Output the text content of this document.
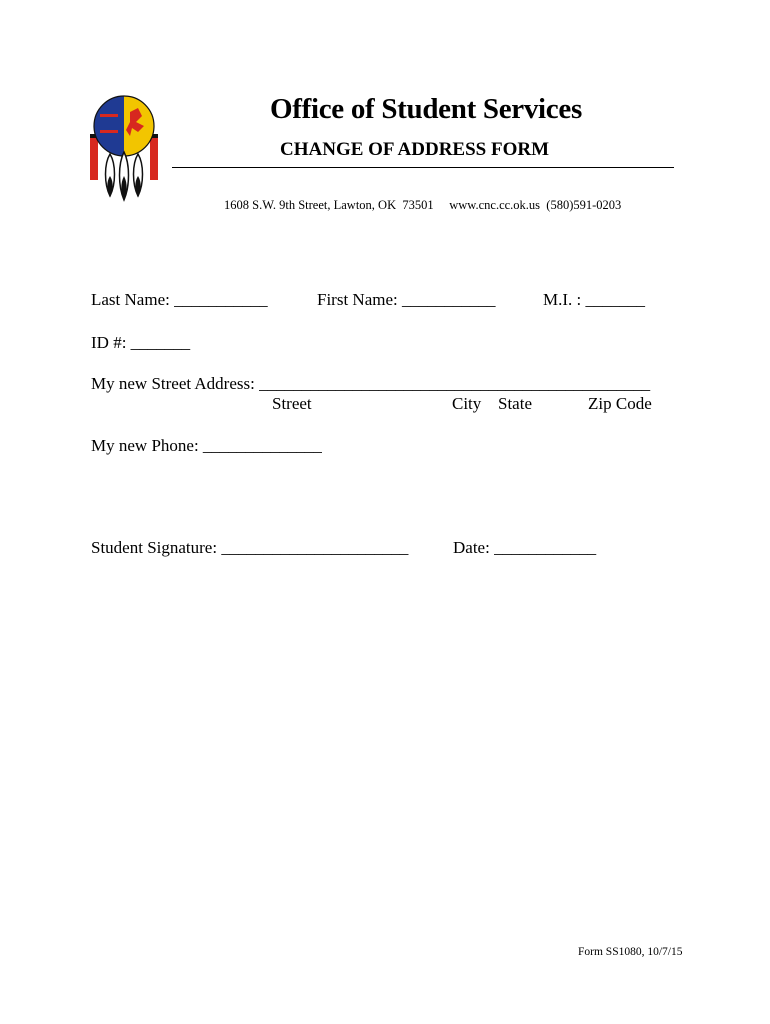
Office of Student Services
CHANGE OF ADDRESS FORM
1608 S.W. 9th Street, Lawton, OK  73501     www.cnc.cc.ok.us  (580)591-0203
Last Name: ___________	First Name: ___________	M.I. : _______
ID #: _______
My new Street Address: ______________________________________________
Street	City State	Zip Code
My new Phone: ______________
Student Signature: ______________________	Date: ____________
Form SS1080, 10/7/15
